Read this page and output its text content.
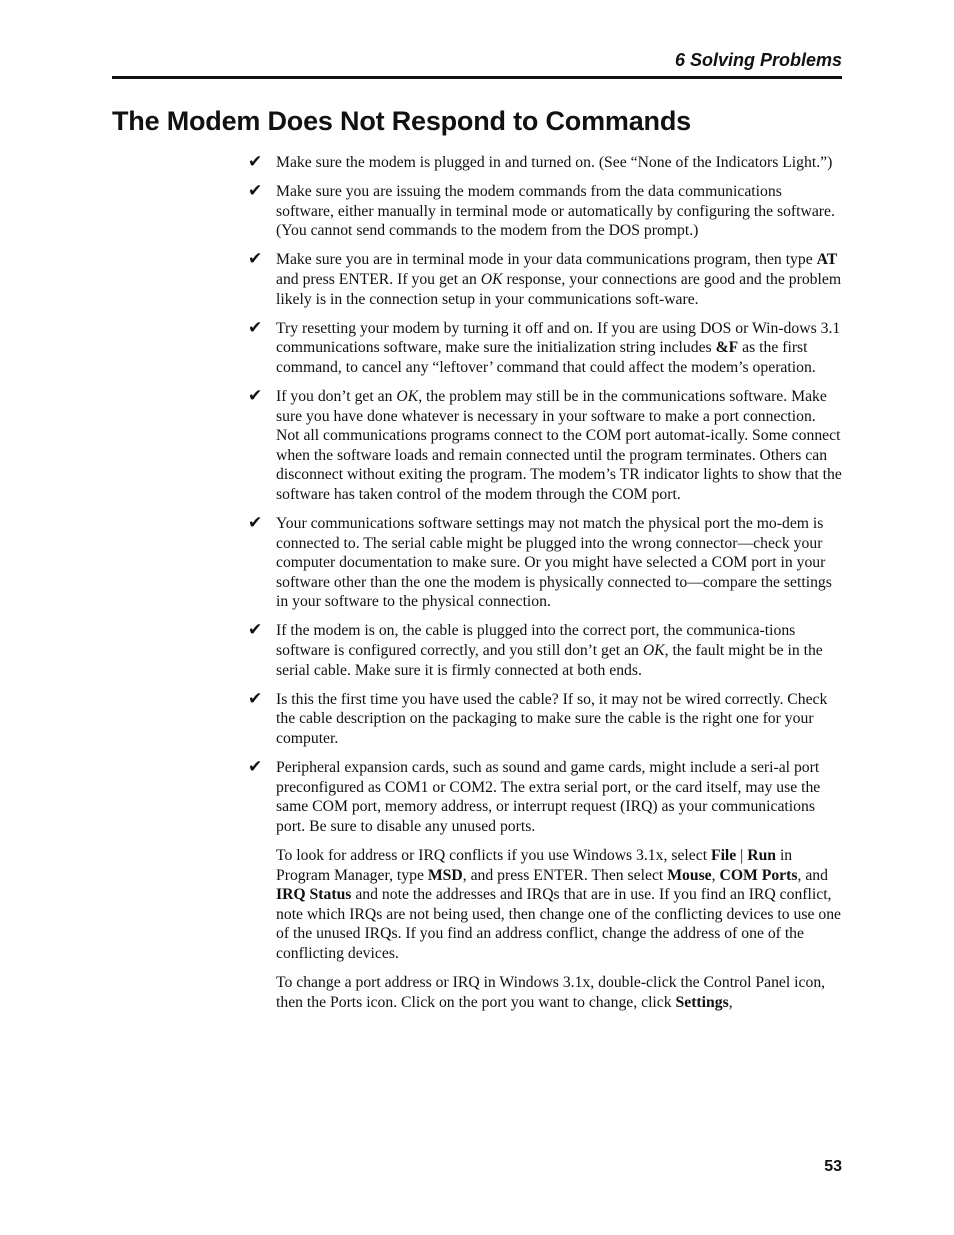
6 Solving Problems
The Modem Does Not Respond to Commands
✔ Make sure the modem is plugged in and turned on. (See “None of the Indicators Light.”)
✔ Make sure you are issuing the modem commands from the data communications software, either manually in terminal mode or automatically by configuring the software. (You cannot send commands to the modem from the DOS prompt.)
✔ Make sure you are in terminal mode in your data communications program, then type AT and press ENTER. If you get an OK response, your connections are good and the problem likely is in the connection setup in your communications soft-ware.
✔ Try resetting your modem by turning it off and on. If you are using DOS or Win-dows 3.1 communications software, make sure the initialization string includes &F as the first command, to cancel any “leftover’ command that could affect the modem’s operation.
✔ If you don’t get an OK, the problem may still be in the communications software. Make sure you have done whatever is necessary in your software to make a port connection. Not all communications programs connect to the COM port automat-ically. Some connect when the software loads and remain connected until the program terminates. Others can disconnect without exiting the program. The modem’s TR indicator lights to show that the software has taken control of the modem through the COM port.
✔ Your communications software settings may not match the physical port the mo-dem is connected to. The serial cable might be plugged into the wrong connector—check your computer documentation to make sure. Or you might have selected a COM port in your software other than the one the modem is physically connected to—compare the settings in your software to the physical connection.
✔ If the modem is on, the cable is plugged into the correct port, the communica-tions software is configured correctly, and you still don’t get an OK, the fault might be in the serial cable. Make sure it is firmly connected at both ends.
✔ Is this the first time you have used the cable? If so, it may not be wired correctly. Check the cable description on the packaging to make sure the cable is the right one for your computer.
✔ Peripheral expansion cards, such as sound and game cards, might include a seri-al port preconfigured as COM1 or COM2. The extra serial port, or the card itself, may use the same COM port, memory address, or interrupt request (IRQ) as your communications port. Be sure to disable any unused ports.
To look for address or IRQ conflicts if you use Windows 3.1x, select File | Run in Program Manager, type MSD, and press ENTER. Then select Mouse, COM Ports, and IRQ Status and note the addresses and IRQs that are in use. If you find an IRQ conflict, note which IRQs are not being used, then change one of the conflicting devices to use one of the unused IRQs. If you find an address conflict, change the address of one of the conflicting devices.
To change a port address or IRQ in Windows 3.1x, double-click the Control Panel icon, then the Ports icon. Click on the port you want to change, click Settings,
53
